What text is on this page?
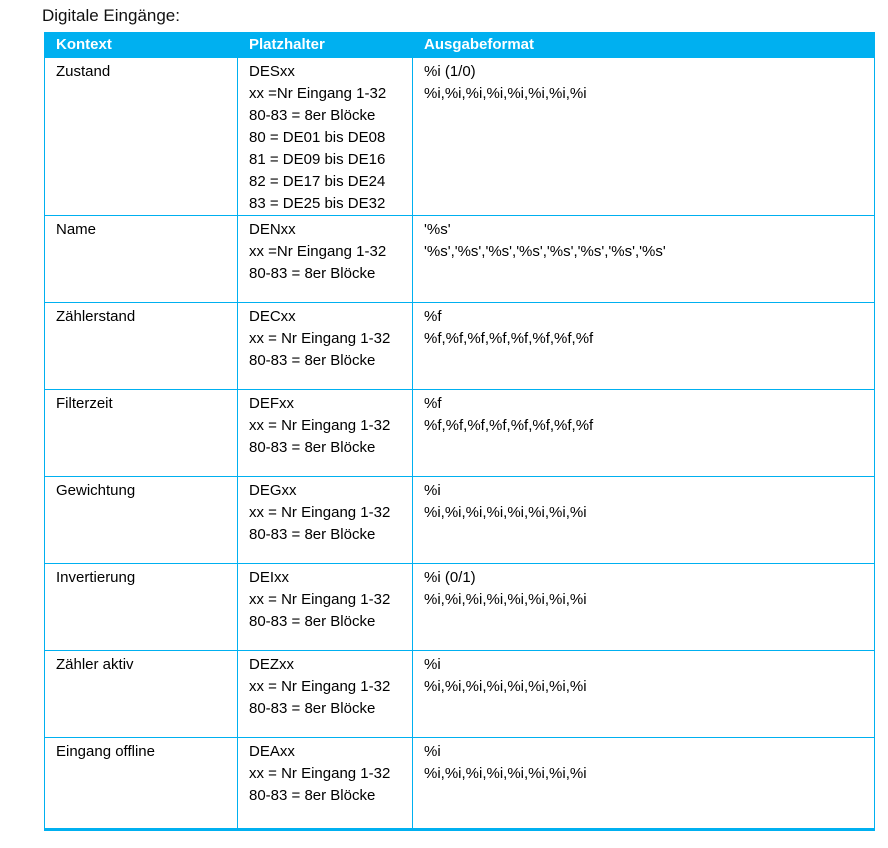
Digitale Eingänge:
Kontext	Platzhalter	Ausgabeformat

Zustand	DESxx
xx =Nr Eingang 1-32
80-83 = 8er Blöcke
80 = DE01 bis DE08
81 = DE09 bis DE16
82 = DE17 bis DE24
83 = DE25 bis DE32

%i (1/0)
%i,%i,%i,%i,%i,%i,%i,%i

Name	DENxx
xx =Nr Eingang 1-32
80-83 = 8er Blöcke

'%s'
'%s','%s','%s','%s','%s','%s','%s','%s'

Zählerstand	DECxx
xx = Nr Eingang 1-32
80-83 = 8er Blöcke

%f
%f,%f,%f,%f,%f,%f,%f,%f

Filterzeit	DEFxx
xx = Nr Eingang 1-32
80-83 = 8er Blöcke

%f
%f,%f,%f,%f,%f,%f,%f,%f

Gewichtung	DEGxx
xx = Nr Eingang 1-32
80-83 = 8er Blöcke

%i
%i,%i,%i,%i,%i,%i,%i,%i

Invertierung	DEIxx
xx = Nr Eingang 1-32
80-83 = 8er Blöcke

%i (0/1)
%i,%i,%i,%i,%i,%i,%i,%i

Zähler aktiv	DEZxx
xx = Nr Eingang 1-32
80-83 = 8er Blöcke

%i
%i,%i,%i,%i,%i,%i,%i,%i

Eingang offline	DEAxx
xx = Nr Eingang 1-32
80-83 = 8er Blöcke

%i
%i,%i,%i,%i,%i,%i,%i,%i
